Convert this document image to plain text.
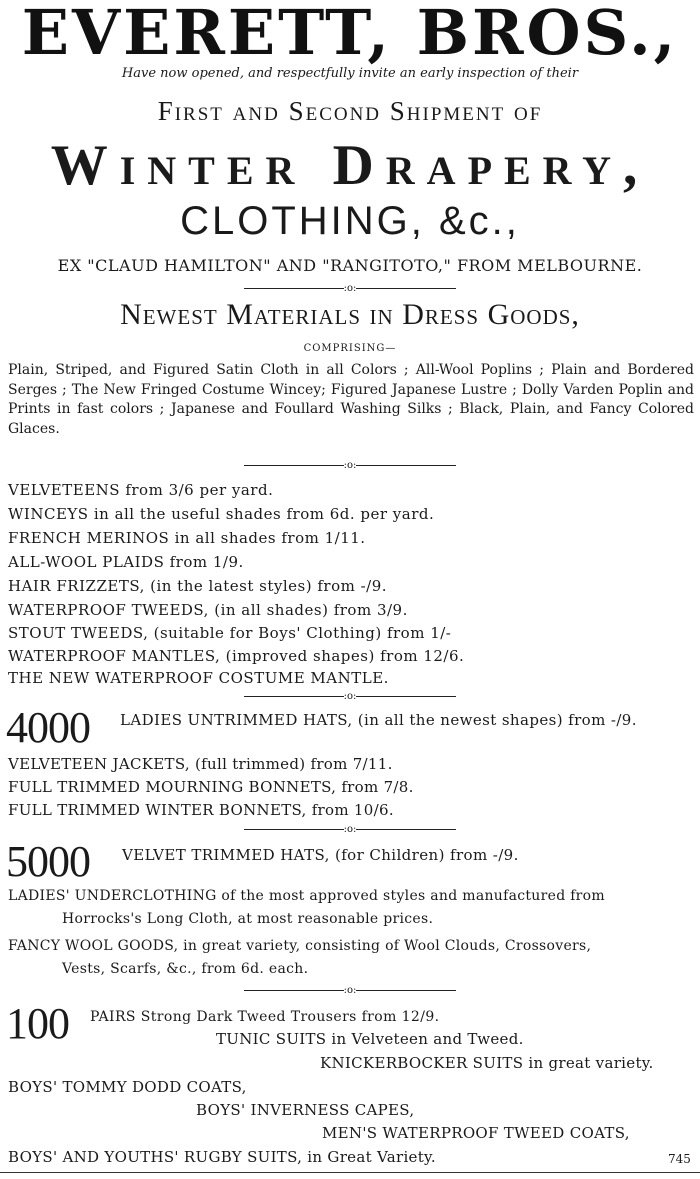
EVERETT, BROS.,
Have now opened, and respectfully invite an early inspection of their
First and Second Shipment of
Winter Drapery,
CLOTHING, &c.,
EX "CLAUD HAMILTON" AND "RANGITOTO," FROM MELBOURNE.
:o:
Newest Materials in Dress Goods,
COMPRISING—
Plain, Striped, and Figured Satin Cloth in all Colors ; All-Wool Poplins ; Plain and Bordered Serges ; The New Fringed Costume Wincey; Figured Japanese Lustre ; Dolly Varden Poplin and Prints in fast colors ; Japanese and Foullard Washing Silks ; Black, Plain, and Fancy Colored Glaces.
:o:
VELVETEENS from 3/6 per yard.
WINCEYS in all the useful shades from 6d. per yard.
FRENCH MERINOS in all shades from 1/11.
ALL-WOOL PLAIDS from 1/9.
HAIR FRIZZETS, (in the latest styles) from -/9.
WATERPROOF TWEEDS, (in all shades) from 3/9.
STOUT TWEEDS, (suitable for Boys' Clothing) from 1/-
WATERPROOF MANTLES, (improved shapes) from 12/6.
THE NEW WATERPROOF COSTUME MANTLE.
:o:
4000 LADIES UNTRIMMED HATS, (in all the newest shapes) from -/9.
VELVETEEN JACKETS, (full trimmed) from 7/11.
FULL TRIMMED MOURNING BONNETS, from 7/8.
FULL TRIMMED WINTER BONNETS, from 10/6.
:o:
5000 VELVET TRIMMED HATS, (for Children) from -/9.
LADIES' UNDERCLOTHING of the most approved styles and manufactured from
Horrocks's Long Cloth, at most reasonable prices.
FANCY WOOL GOODS, in great variety, consisting of Wool Clouds, Crossovers,
Vests, Scarfs, &c., from 6d. each.
:o:
100 PAIRS Strong Dark Tweed Trousers from 12/9.
TUNIC SUITS in Velveteen and Tweed.
KNICKERBOCKER SUITS in great variety.
BOYS' TOMMY DODD COATS,
BOYS' INVERNESS CAPES,
MEN'S WATERPROOF TWEED COATS,
BOYS' AND YOUTHS' RUGBY SUITS, in Great Variety.	745
